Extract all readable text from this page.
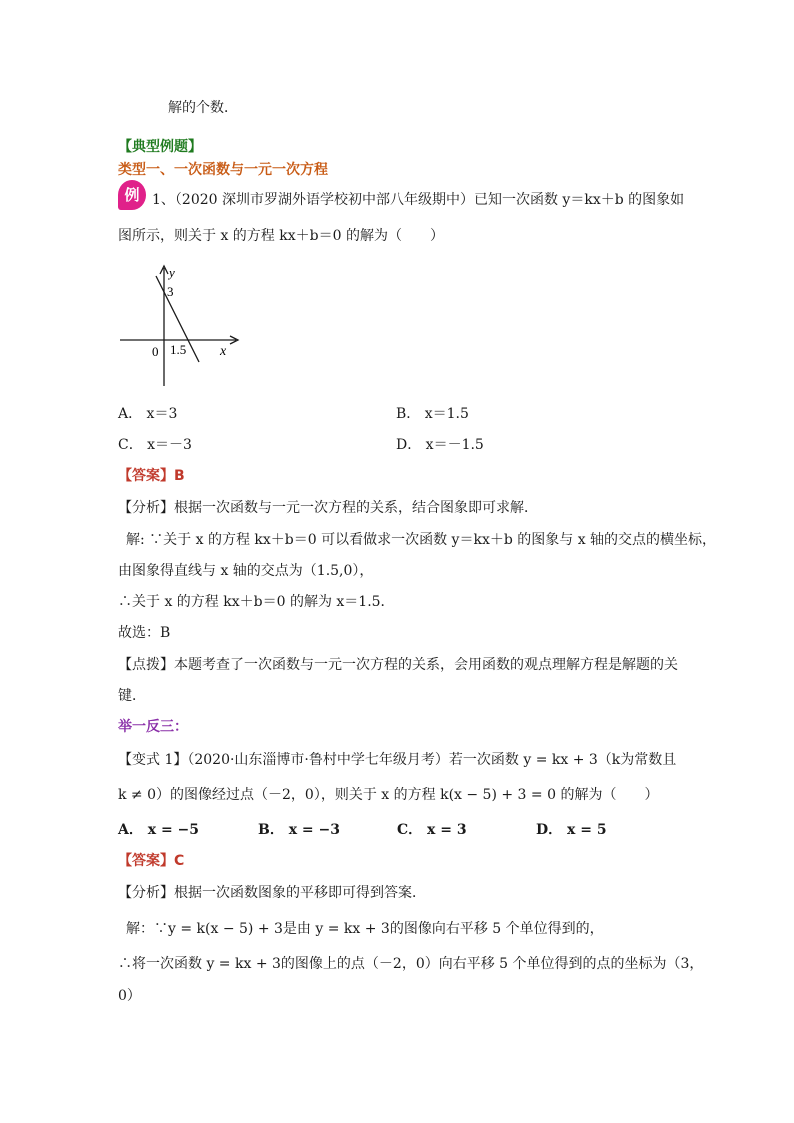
解的个数．
【典型例题】
类型一、一次函数与一元一次方程
例 1、（2020 深圳市罗湖外语学校初中部八年级期中）已知一次函数 y＝kx＋b 的图象如
图所示，则关于 x 的方程 kx＋b＝0 的解为（　　）
y
3
0 1.5 x
A． x＝3	B． x＝1.5
C． x＝－3	D． x＝－1.5
【答案】B
【分析】根据一次函数与一元一次方程的关系，结合图象即可求解．
解: ∵关于 x 的方程 kx＋b＝0 可以看做求一次函数 y＝kx＋b 的图象与 x 轴的交点的横坐标，
由图象得直线与 x 轴的交点为（1.5,0），
∴关于 x 的方程 kx＋b＝0 的解为 x＝1.5．
故选：B
【点拨】本题考查了一次函数与一元一次方程的关系，会用函数的观点理解方程是解题的关
键．
举一反三：
【变式 1】（2020·山东淄博市·鲁村中学七年级月考）若一次函数 y = kx + 3（k为常数且
k ≠ 0）的图像经过点（－2，0），则关于 x 的方程 k(x − 5) + 3 = 0 的解为（　　）
A． x = −5	B． x = −3	C． x = 3	D． x = 5
【答案】C
【分析】根据一次函数图象的平移即可得到答案．
解：∵y = k(x − 5) + 3是由 y = kx + 3的图像向右平移 5 个单位得到的，
∴将一次函数 y = kx + 3的图像上的点（－2，0）向右平移 5 个单位得到的点的坐标为（3，
0）
